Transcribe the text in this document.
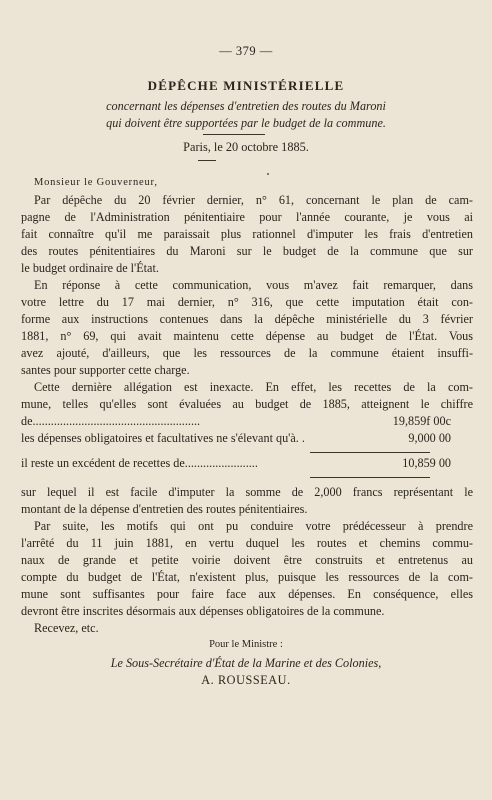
— 379 —
DÉPÊCHE MINISTÉRIELLE
concernant les dépenses d'entretien des routes du Maroni
qui doivent être supportées par le budget de la commune.
Paris, le 20 octobre 1885.
Monsieur le Gouverneur,
Par dépêche du 20 février dernier, n° 61, concernant le plan de cam-
pagne de l'Administration pénitentiaire pour l'année courante, je vous ai
fait connaître qu'il me paraissait plus rationnel d'imputer les frais d'entretien
des routes pénitentiaires du Maroni sur le budget de la commune que sur
le budget ordinaire de l'État.
En réponse à cette communication, vous m'avez fait remarquer, dans
votre lettre du 17 mai dernier, n° 316, que cette imputation était con-
forme aux instructions contenues dans la dépêche ministérielle du 3 février
1881, n° 69, qui avait maintenu cette dépense au budget de l'État. Vous
avez ajouté, d'ailleurs, que les ressources de la commune étaient insuffi-
santes pour supporter cette charge.
Cette dernière allégation est inexacte. En effet, les recettes de la com-
mune, telles qu'elles sont évaluées au budget de 1885, atteignent le chiffre
de.......................................................	19,859f 00c
les dépenses obligatoires et facultatives ne s'élevant qu'à. .	9,000 00
il reste un excédent de recettes de........................	10,859 00
sur lequel il est facile d'imputer la somme de 2,000 francs représentant le
montant de la dépense d'entretien des routes pénitentiaires.
Par suite, les motifs qui ont pu conduire votre prédécesseur à prendre
l'arrêté du 11 juin 1881, en vertu duquel les routes et chemins commu-
naux de grande et petite voirie doivent être construits et entretenus au
compte du budget de l'État, n'existent plus, puisque les ressources de la com-
mune sont suffisantes pour faire face aux dépenses. En conséquence, elles
devront être inscrites désormais aux dépenses obligatoires de la commune.
Recevez, etc.
Pour le Ministre :
Le Sous-Secrétaire d'État de la Marine et des Colonies,
A. ROUSSEAU.
